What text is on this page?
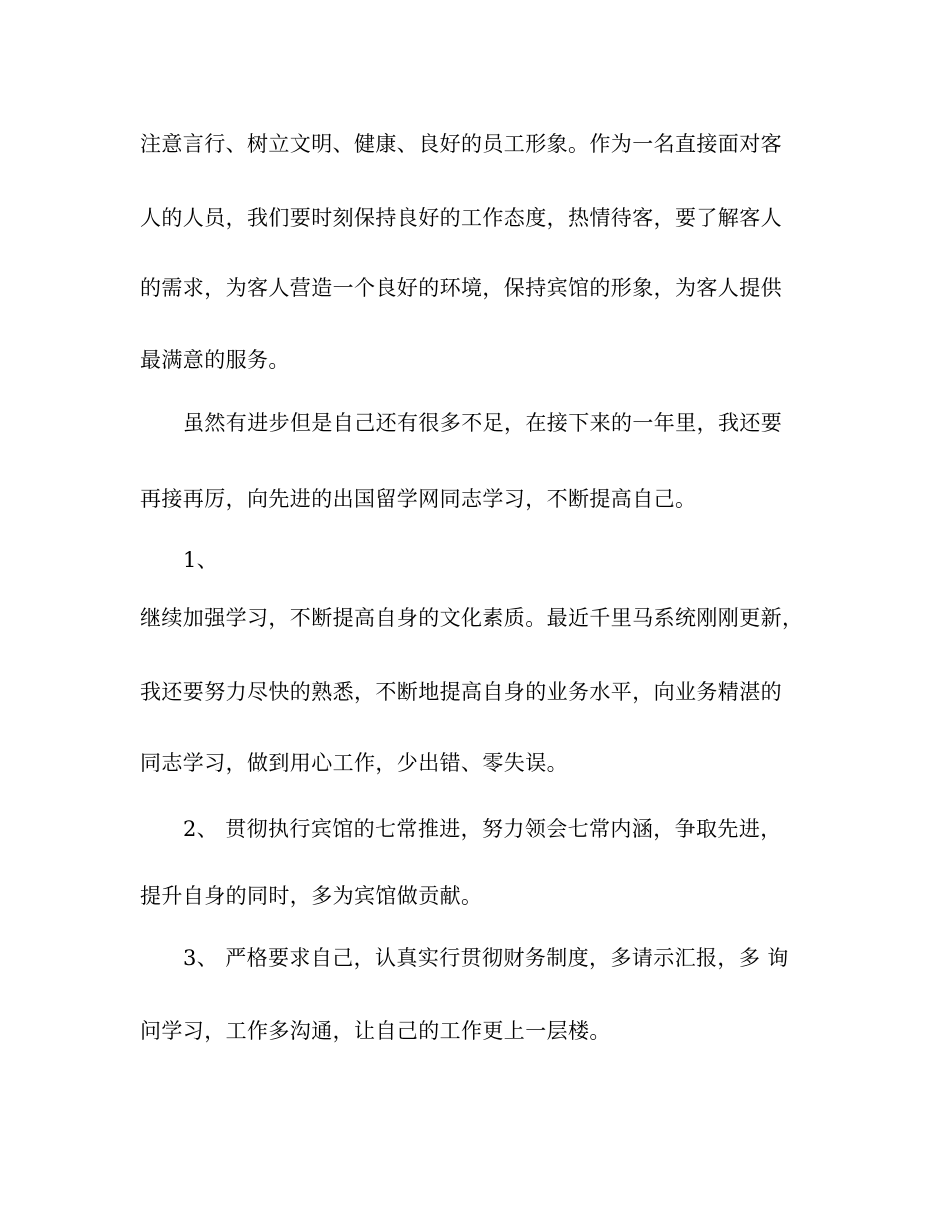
注意言行、树立文明、健康、良好的员工形象。作为一名直接面对客
人的人员，我们要时刻保持良好的工作态度，热情待客，要了解客人
的需求，为客人营造一个良好的环境，保持宾馆的形象，为客人提供
最满意的服务。
虽然有进步但是自己还有很多不足，在接下来的一年里，我还要
再接再厉，向先进的出国留学网同志学习，不断提高自己。
1、
继续加强学习，不断提高自身的文化素质。最近千里马系统刚刚更新，
我还要努力尽快的熟悉，不断地提高自身的业务水平，向业务精湛的
同志学习，做到用心工作，少出错、零失误。
2、 贯彻执行宾馆的七常推进，努力领会七常内涵，争取先进，
提升自身的同时，多为宾馆做贡献。
3、 严格要求自己，认真实行贯彻财务制度，多请示汇报，多 询
问学习，工作多沟通，让自己的工作更上一层楼。
